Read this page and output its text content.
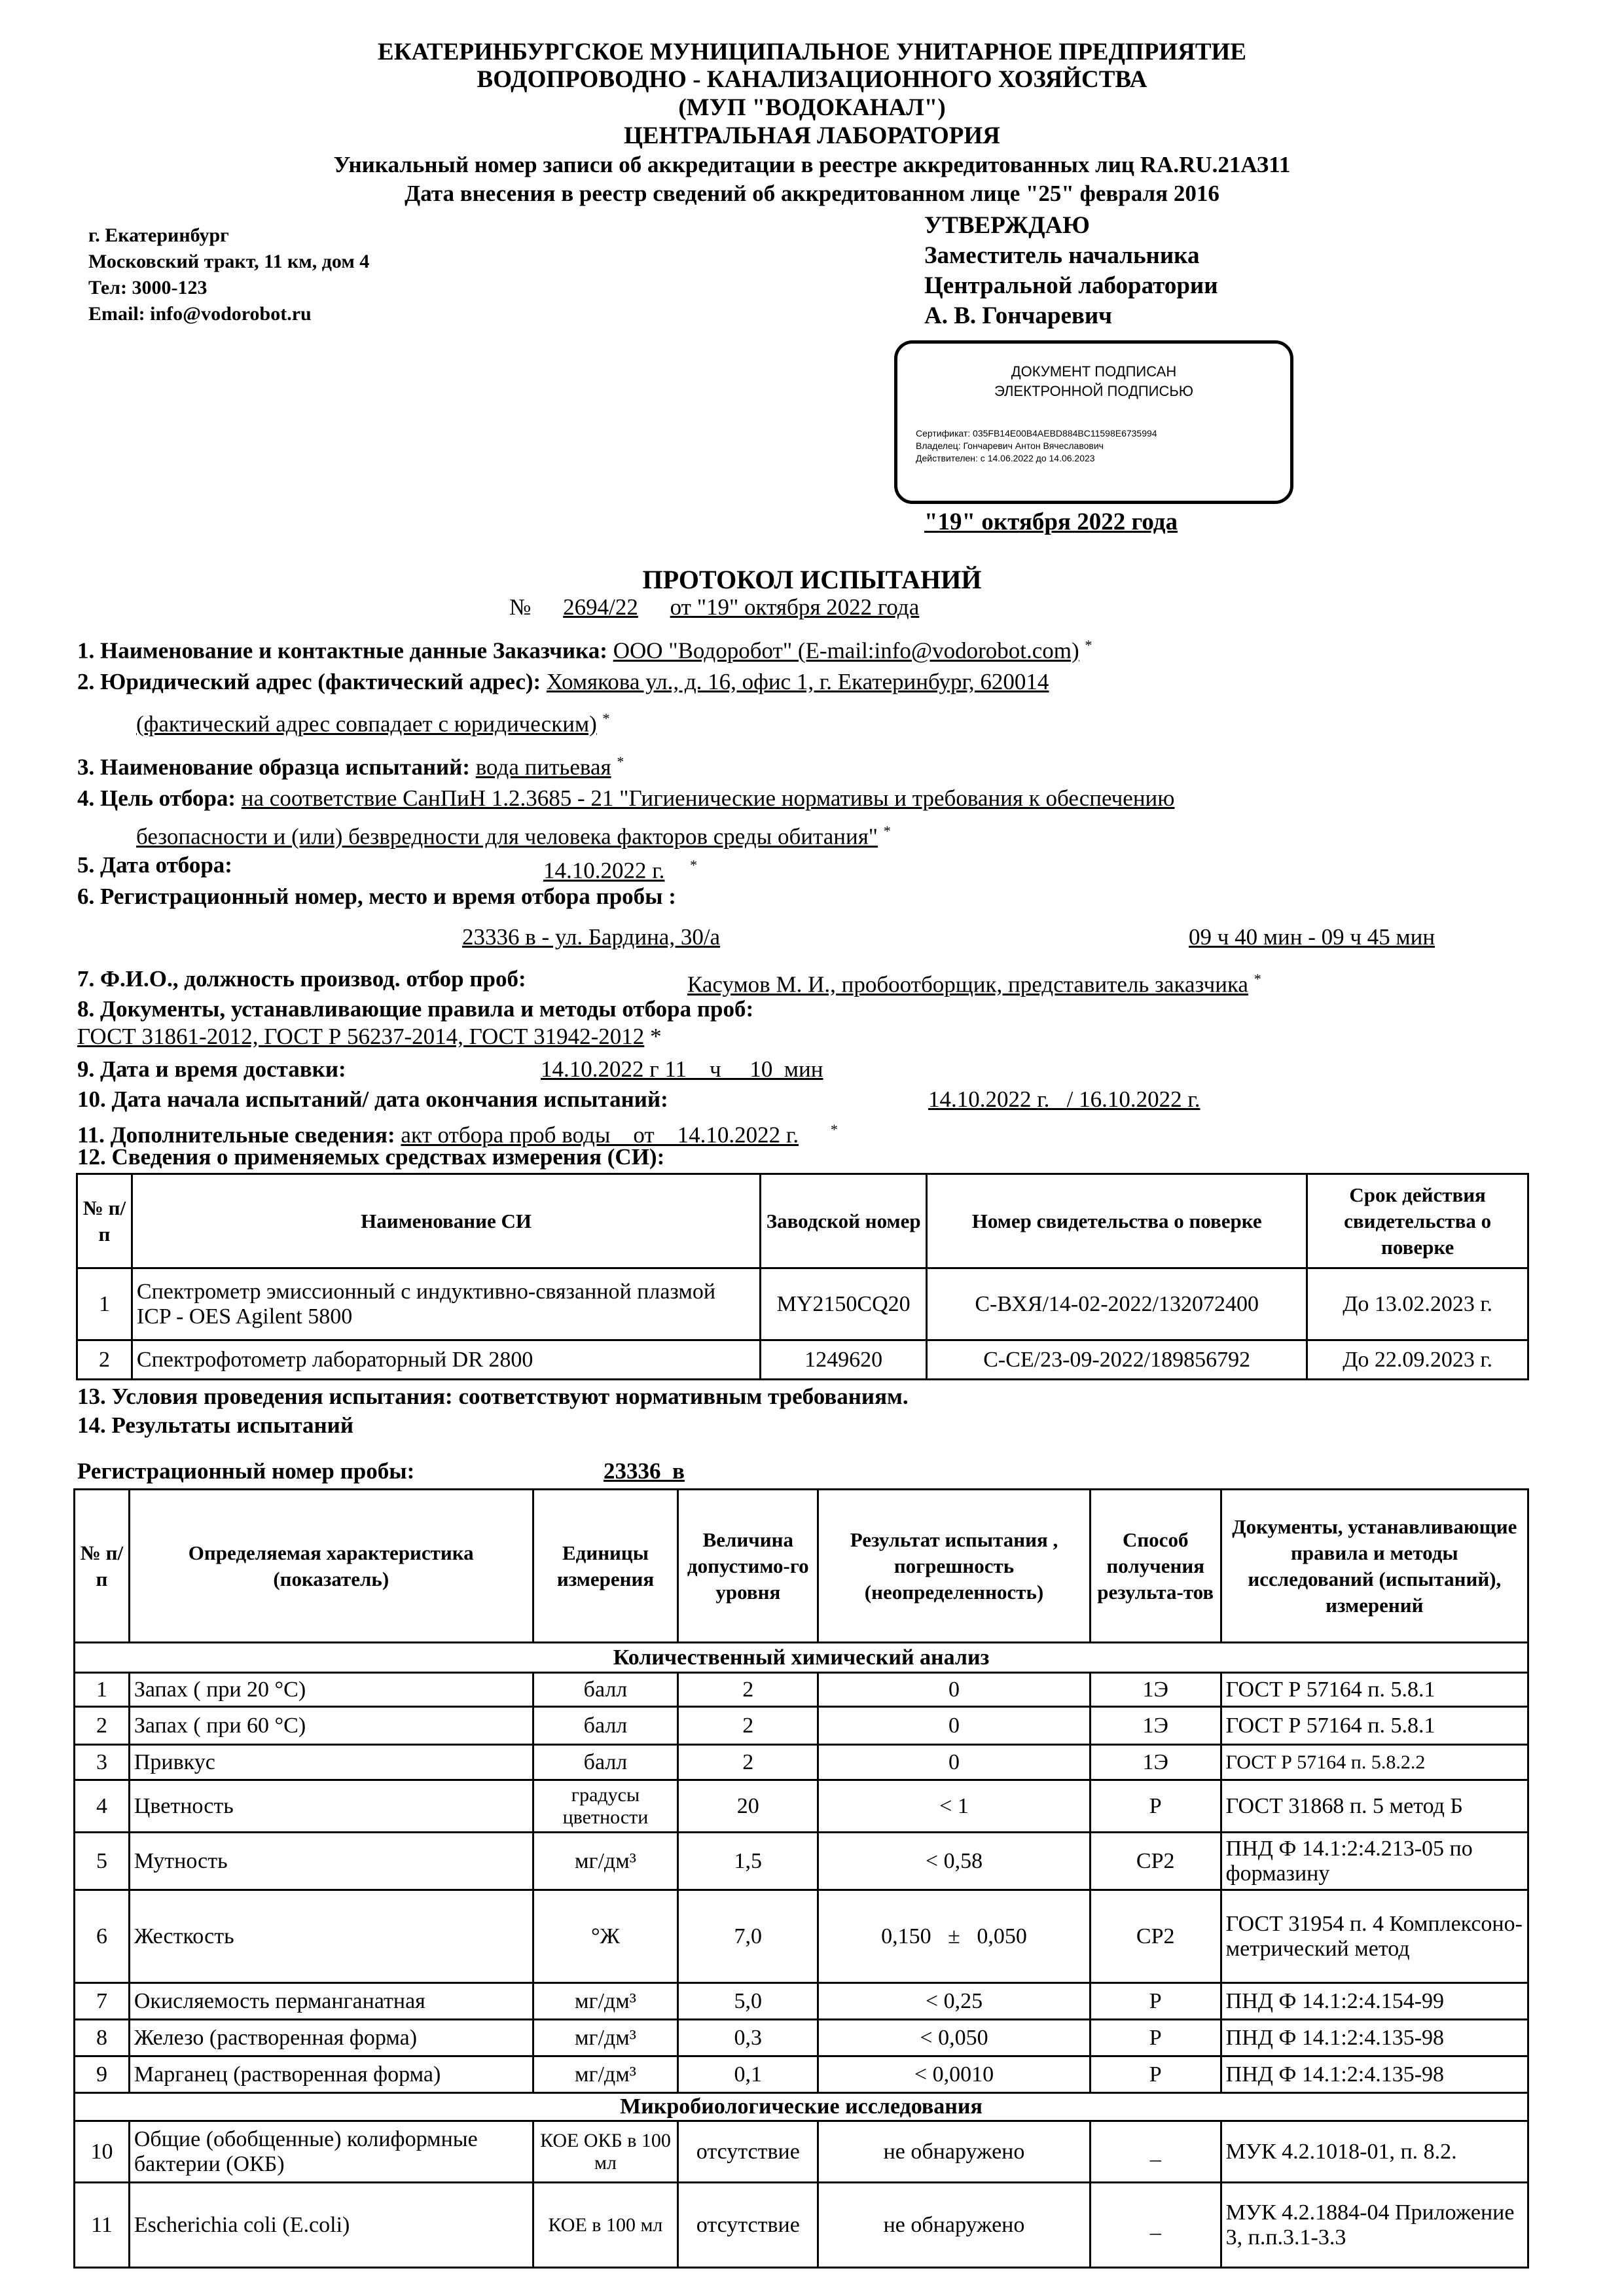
ЕКАТЕРИНБУРГСКОЕ МУНИЦИПАЛЬНОЕ УНИТАРНОЕ ПРЕДПРИЯТИЕ
ВОДОПРОВОДНО - КАНАЛИЗАЦИОННОГО ХОЗЯЙСТВА
(МУП "ВОДОКАНАЛ")
ЦЕНТРАЛЬНАЯ ЛАБОРАТОРИЯ
Уникальный номер записи об аккредитации в реестре аккредитованных лиц RA.RU.21АЗ11
Дата внесения в реестр сведений об аккредитованном лице "25" февраля 2016
г. Екатеринбург
Московский тракт, 11 км, дом 4
Тел: 3000-123
Email: info@vodorobot.ru
УТВЕРЖДАЮ
Заместитель начальника
Центральной лаборатории
А. В. Гончаревич
ДОКУМЕНТ ПОДПИСАН
ЭЛЕКТРОННОЙ ПОДПИСЬЮ
Сертификат: 035FB14E00B4AEBD884BC11598E6735994
Владелец: Гончаревич Антон Вячеславович
Действителен: с 14.06.2022 до 14.06.2023
"19" октября 2022 года
ПРОТОКОЛ ИСПЫТАНИЙ
№ 2694/22 от "19" октября 2022 года
1. Наименование и контактные данные Заказчика: ООО "Водоробот" (E-mail:info@vodorobot.com) *
2. Юридический адрес (фактический адрес): Хомякова ул., д. 16, офис 1, г. Екатеринбург, 620014
(фактический адрес совпадает с юридическим) *
3. Наименование образца испытаний: вода питьевая *
4. Цель отбора: на соответствие СанПиН 1.2.3685 - 21 "Гигиенические нормативы и требования к обеспечению
безопасности и (или) безвредности для человека факторов среды обитания" *
5. Дата отбора:	14.10.2022 г. *
6. Регистрационный номер, место и время отбора пробы :
23336 в - ул. Бардина, 30/а	09 ч 40 мин - 09 ч 45 мин
7. Ф.И.О., должность производ. отбор проб:	Касумов М. И., пробоотборщик, представитель заказчика *
8. Документы, устанавливающие правила и методы отбора проб:
ГОСТ 31861-2012, ГОСТ Р 56237-2014, ГОСТ 31942-2012 *
9. Дата и время доставки:	14.10.2022 г 11    ч     10  мин
10. Дата начала испытаний/ дата окончания испытаний:	14.10.2022 г.   / 16.10.2022 г.
11. Дополнительные сведения: акт отбора проб воды    от    14.10.2022 г. *
12. Сведения о применяемых средствах измерения (СИ):
№ п/п	Наименование СИ	Заводской номер	Номер свидетельства о поверке	Срок действия свидетельства о поверке
1	Спектрометр эмиссионный с индуктивно-связанной плазмой ICP - OES Agilent 5800	MY2150CQ20	С-ВХЯ/14-02-2022/132072400	До 13.02.2023 г.
2	Спектрофотометр лабораторный DR 2800	1249620	С-СЕ/23-09-2022/189856792	До 22.09.2023 г.
13. Условия проведения испытания: соответствуют нормативным требованиям.
14. Результаты испытаний
Регистрационный номер пробы:	23336  в
№ п/п	Определяемая характеристика (показатель)	Единицы измерения	Величина допустимо-го уровня	Результат испытания , погрешность (неопределенность)	Способ получения результа-тов	Документы, устанавливающие правила и методы исследований (испытаний), измерений
Количественный химический анализ						
1	Запах ( при 20 °С)	балл	2	0	1Э	ГОСТ Р 57164 п. 5.8.1
2	Запах ( при 60 °С)	балл	2	0	1Э	ГОСТ Р 57164 п. 5.8.1
3	Привкус	балл	2	0	1Э	ГОСТ Р 57164 п. 5.8.2.2
4	Цветность	градусы цветности	20	< 1	Р	ГОСТ 31868 п. 5 метод Б
5	Мутность	мг/дм³	1,5	< 0,58	СР2	ПНД Ф 14.1:2:4.213-05 по формазину
6	Жесткость	°Ж	7,0	0,150   ±   0,050	СР2	ГОСТ 31954 п. 4 Комплексоно-метрический метод
7	Окисляемость перманганатная	мг/дм³	5,0	< 0,25	Р	ПНД Ф 14.1:2:4.154-99
8	Железо (растворенная форма)	мг/дм³	0,3	< 0,050	Р	ПНД Ф 14.1:2:4.135-98
9	Марганец (растворенная форма)	мг/дм³	0,1	< 0,0010	Р	ПНД Ф 14.1:2:4.135-98
Микробиологические исследования						
10	Общие (обобщенные) колиформные бактерии (ОКБ)	КОЕ ОКБ в 100 мл	отсутствие	не обнаружено	_	МУК 4.2.1018-01, п. 8.2.
11	Escherichia coli (E.coli)	КОЕ в 100 мл	отсутствие	не обнаружено	_	МУК 4.2.1884-04 Приложение 3, п.п.3.1-3.3
